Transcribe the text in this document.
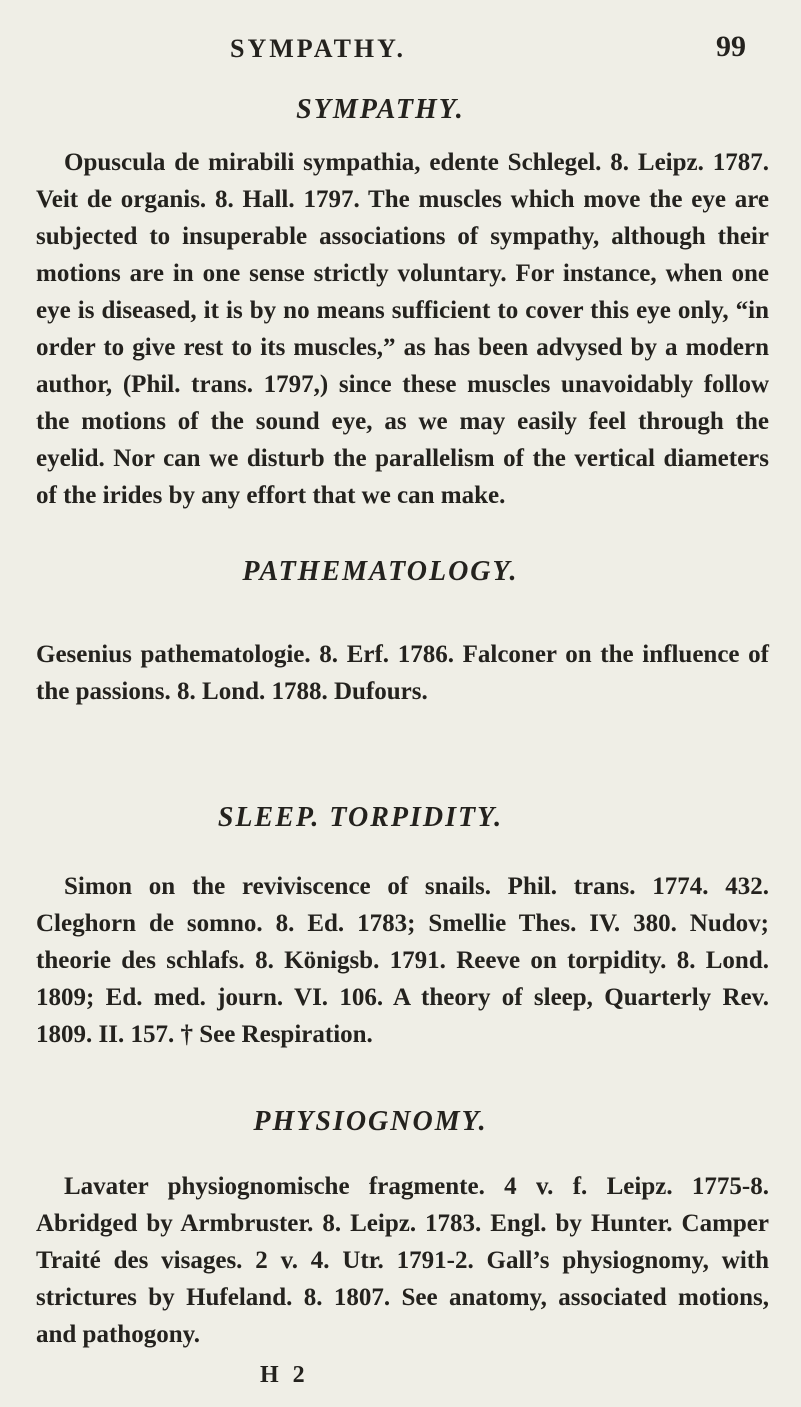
SYMPATHY.	99
SYMPATHY.

Opuscula de mirabili sympathia, edente Schlegel. 8. Leipz. 1787. Veit de organis. 8. Hall. 1797. The muscles which move the eye are subjected to insuperable associations of sympathy, although their motions are in one sense strictly voluntary. For instance, when one eye is diseased, it is by no means sufficient to cover this eye only, “in order to give rest to its muscles,” as has been advysed by a modern author, (Phil. trans. 1797,) since these muscles unavoidably follow the motions of the sound eye, as we may easily feel through the eyelid. Nor can we disturb the parallelism of the vertical diameters of the irides by any effort that we can make.

PATHEMATOLOGY.

Gesenius pathematologie. 8. Erf. 1786. Falconer on the influence of the passions. 8. Lond. 1788. Dufours.

SLEEP. TORPIDITY.

Simon on the reviviscence of snails. Phil. trans. 1774. 432. Cleghorn de somno. 8. Ed. 1783; Smellie Thes. IV. 380. Nudov; theorie des schlafs. 8. Königsb. 1791. Reeve on torpidity. 8. Lond. 1809; Ed. med. journ. VI. 106. A theory of sleep, Quarterly Rev. 1809. II. 157. † See Respiration.

PHYSIOGNOMY.

Lavater physiognomische fragmente. 4 v. f. Leipz. 1775-8. Abridged by Armbruster. 8. Leipz. 1783. Engl. by Hunter. Camper Traité des visages. 2 v. 4. Utr. 1791-2. Gall’s physiognomy, with strictures by Hufeland. 8. 1807. See anatomy, associated motions, and pathogony.

H 2
